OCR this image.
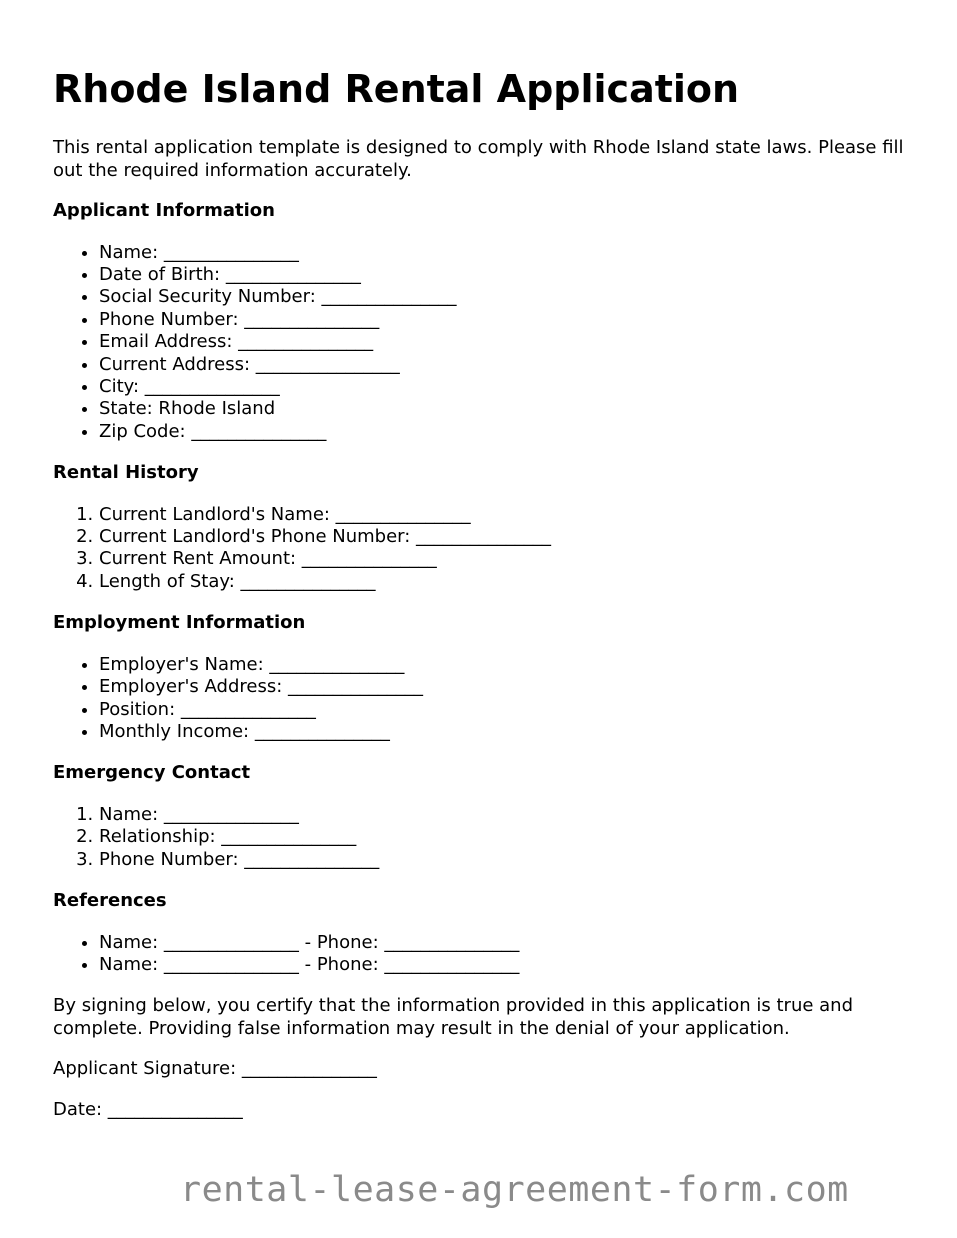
Rhode Island Rental Application

This rental application template is designed to comply with Rhode Island state laws. Please fill out the required information accurately.

Applicant Information
• Name: _______________
• Date of Birth: _______________
• Social Security Number: _______________
• Phone Number: _______________
• Email Address: _______________
• Current Address: ________________
• City: _______________
• State: Rhode Island
• Zip Code: _______________
Rental History
1. Current Landlord's Name: _______________
2. Current Landlord's Phone Number: _______________
3. Current Rent Amount: _______________
4. Length of Stay: _______________
Employment Information
• Employer's Name: _______________
• Employer's Address: _______________
• Position: _______________
• Monthly Income: _______________
Emergency Contact
1. Name: _______________
2. Relationship: _______________
3. Phone Number: _______________
References
• Name: _______________ - Phone: _______________
• Name: _______________ - Phone: _______________

By signing below, you certify that the information provided in this application is true and complete. Providing false information may result in the denial of your application.

Applicant Signature: _______________

Date: _______________

rental-lease-agreement-form.com
